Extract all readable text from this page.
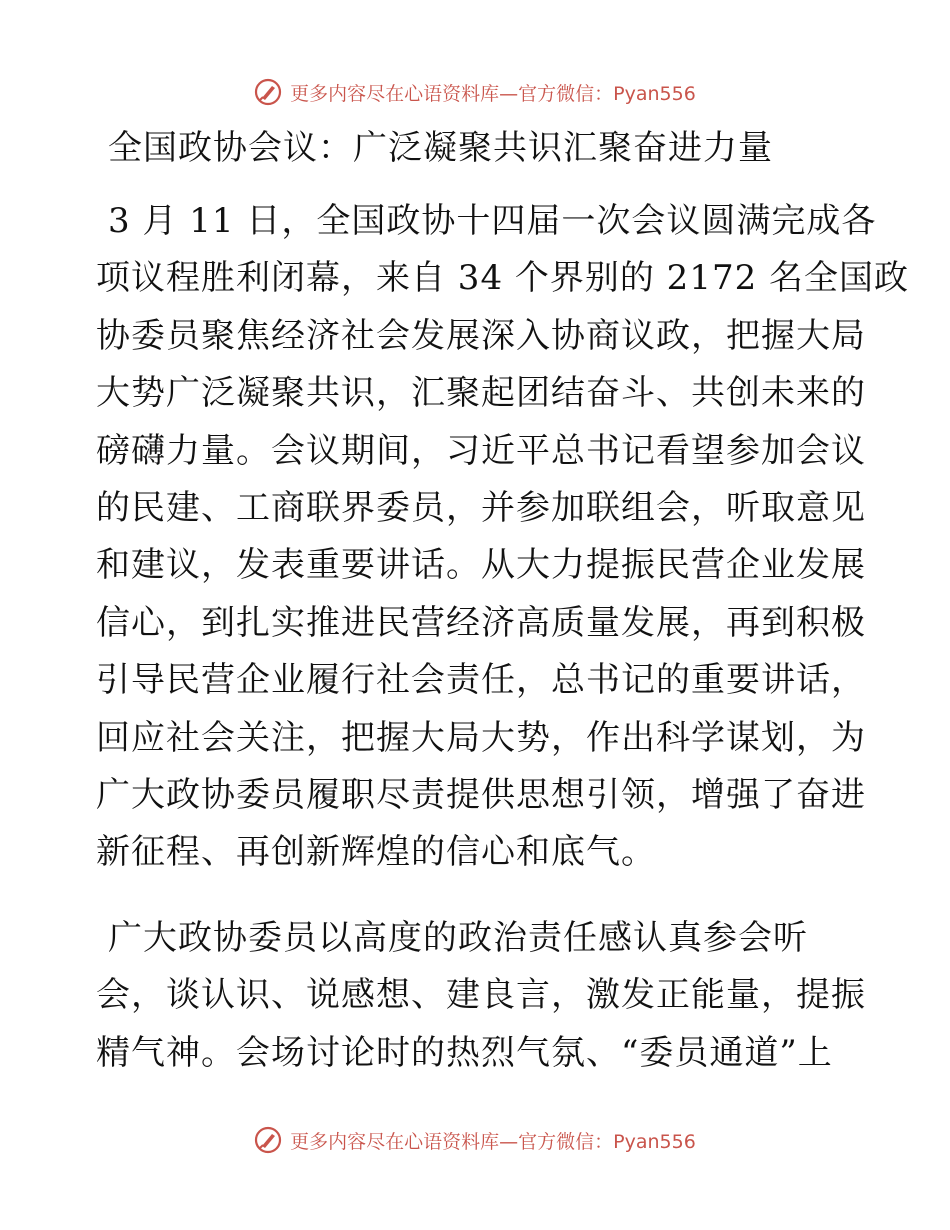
更多内容尽在心语资料库—官方微信：Pyan556
全国政协会议：广泛凝聚共识汇聚奋进力量
3 月 11 日，全国政协十四届一次会议圆满完成各
项议程胜利闭幕，来自 34 个界别的 2172 名全国政
协委员聚焦经济社会发展深入协商议政，把握大局
大势广泛凝聚共识，汇聚起团结奋斗、共创未来的
磅礴力量。会议期间，习近平总书记看望参加会议
的民建、工商联界委员，并参加联组会，听取意见
和建议，发表重要讲话。从大力提振民营企业发展
信心，到扎实推进民营经济高质量发展，再到积极
引导民营企业履行社会责任，总书记的重要讲话，
回应社会关注，把握大局大势，作出科学谋划，为
广大政协委员履职尽责提供思想引领，增强了奋进
新征程、再创新辉煌的信心和底气。
广大政协委员以高度的政治责任感认真参会听
会，谈认识、说感想、建良言，激发正能量，提振
精气神。会场讨论时的热烈气氛、“委员通道”上
更多内容尽在心语资料库—官方微信：Pyan556
